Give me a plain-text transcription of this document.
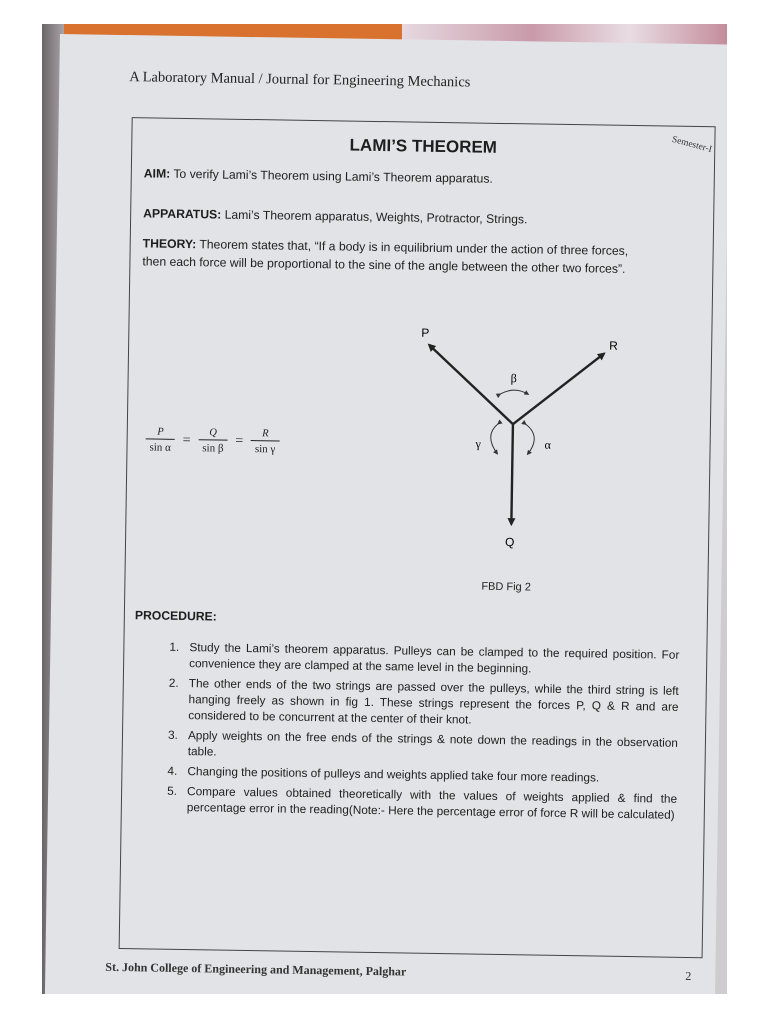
A Laboratory Manual / Journal for Engineering Mechanics
Semester-I
LAMI’S THEOREM
AIM: To verify Lami’s Theorem using Lami’s Theorem apparatus.
APPARATUS: Lami’s Theorem apparatus, Weights, Protractor, Strings.
THEORY: Theorem states that, “If a body is in equilibrium under the action of three forces,
then each force will be proportional to the sine of the angle between the other two forces”.
$\frac{P}{\text{sin α}} = \frac{Q}{\text{sin β}} = \frac{R}{\text{sin γ}}$
P
R
Q
β
α
γ
FBD Fig 2
PROCEDURE:
1. Study the Lami’s theorem apparatus. Pulleys can be clamped to the required position. For convenience they are clamped at the same level in the beginning.
2. The other ends of the two strings are passed over the pulleys, while the third string is left hanging freely as shown in fig 1. These strings represent the forces P, Q & R and are considered to be concurrent at the center of their knot.
3. Apply weights on the free ends of the strings & note down the readings in the observation table.
4. Changing the positions of pulleys and weights applied take four more readings.
5. Compare values obtained theoretically with the values of weights applied & find the percentage error in the reading(Note:- Here the percentage error of force R will be calculated)
St. John College of Engineering and Management, Palghar	2
